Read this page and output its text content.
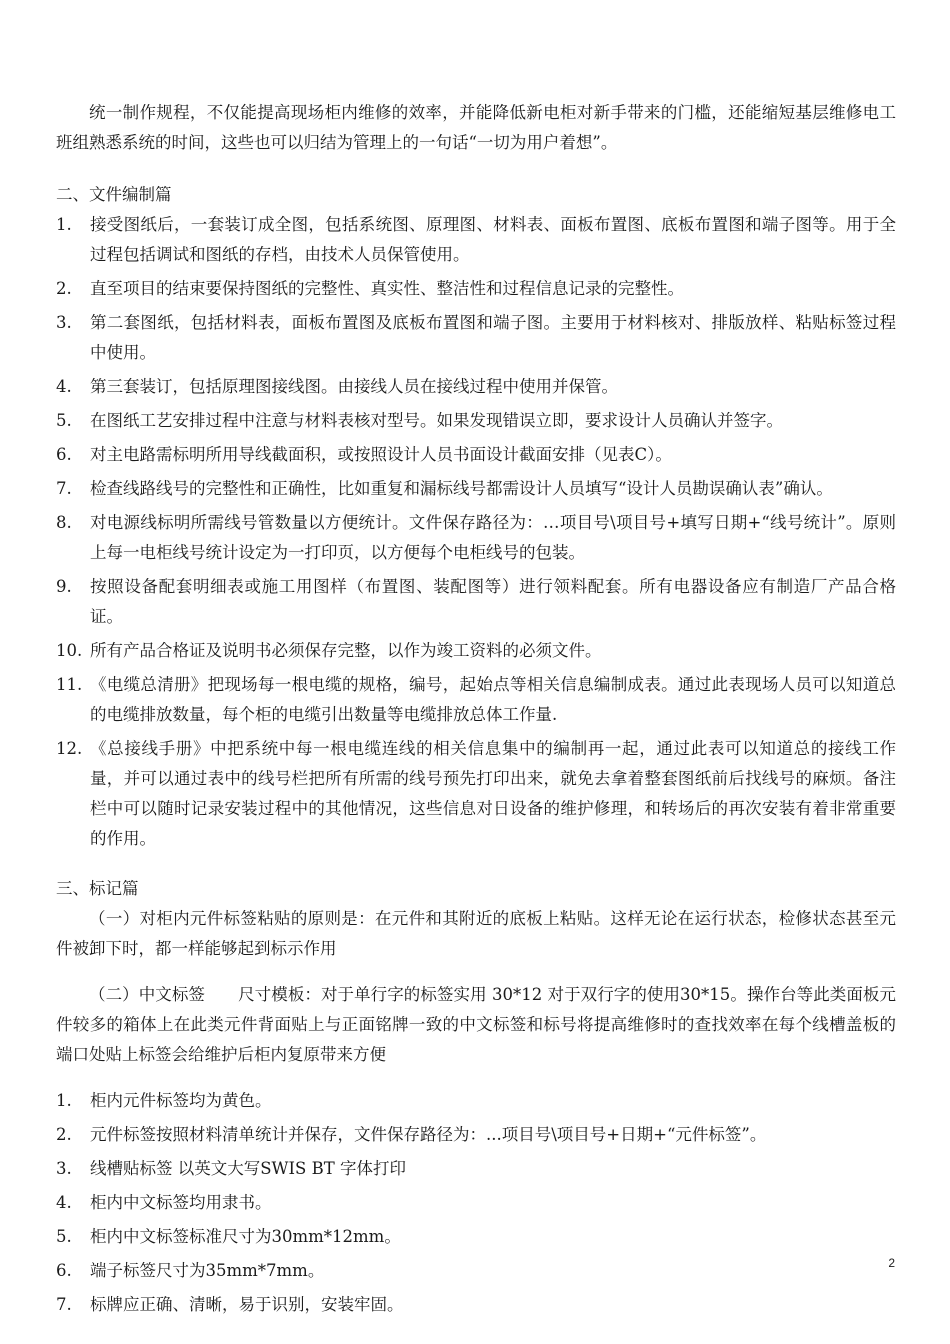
统一制作规程，不仅能提高现场柜内维修的效率，并能降低新电柜对新手带来的门槛，还能缩短基层维修电工班组熟悉系统的时间，这些也可以归结为管理上的一句话“一切为用户着想”。

二、文件编制篇

1. 接受图纸后，一套装订成全图，包括系统图、原理图、材料表、面板布置图、底板布置图和端子图等。用于全过程包括调试和图纸的存档，由技术人员保管使用。
2. 直至项目的结束要保持图纸的完整性、真实性、整洁性和过程信息记录的完整性。
3. 第二套图纸，包括材料表，面板布置图及底板布置图和端子图。主要用于材料核对、排版放样、粘贴标签过程中使用。
4. 第三套装订，包括原理图接线图。由接线人员在接线过程中使用并保管。
5. 在图纸工艺安排过程中注意与材料表核对型号。如果发现错误立即，要求设计人员确认并签字。
6. 对主电路需标明所用导线截面积，或按照设计人员书面设计截面安排（见表C）。
7. 检查线路线号的完整性和正确性，比如重复和漏标线号都需设计人员填写“设计人员勘误确认表”确认。
8. 对电源线标明所需线号管数量以方便统计。文件保存路径为：…项目号\项目号+填写日期+“线号统计”。原则上每一电柜线号统计设定为一打印页，以方便每个电柜线号的包装。
9. 按照设备配套明细表或施工用图样（布置图、装配图等）进行领料配套。所有电器设备应有制造厂产品合格证。
10. 所有产品合格证及说明书必须保存完整，以作为竣工资料的必须文件。
11. 《电缆总清册》把现场每一根电缆的规格，编号，起始点等相关信息编制成表。通过此表现场人员可以知道总的电缆排放数量，每个柜的电缆引出数量等电缆排放总体工作量.
12. 《总接线手册》中把系统中每一根电缆连线的相关信息集中的编制再一起，通过此表可以知道总的接线工作量，并可以通过表中的线号栏把所有所需的线号预先打印出来，就免去拿着整套图纸前后找线号的麻烦。备注栏中可以随时记录安装过程中的其他情况，这些信息对日设备的维护修理，和转场后的再次安装有着非常重要的作用。

三、标记篇

（一）对柜内元件标签粘贴的原则是：在元件和其附近的底板上粘贴。这样无论在运行状态，检修状态甚至元件被卸下时，都一样能够起到标示作用

（二）中文标签　　尺寸模板：对于单行字的标签实用 30*12 对于双行字的使用30*15。操作台等此类面板元件较多的箱体上在此类元件背面贴上与正面铭牌一致的中文标签和标号将提高维修时的查找效率在每个线槽盖板的端口处贴上标签会给维护后柜内复原带来方便

1. 柜内元件标签均为黄色。
2. 元件标签按照材料清单统计并保存，文件保存路径为：...项目号\项目号+日期+“元件标签”。
3. 线槽贴标签 以英文大写SWIS BT 字体打印
4. 柜内中文标签均用隶书。
5. 柜内中文标签标准尺寸为30mm*12mm。
6. 端子标签尺寸为35mm*7mm。
7. 标牌应正确、清晰，易于识别，安装牢固。
2
